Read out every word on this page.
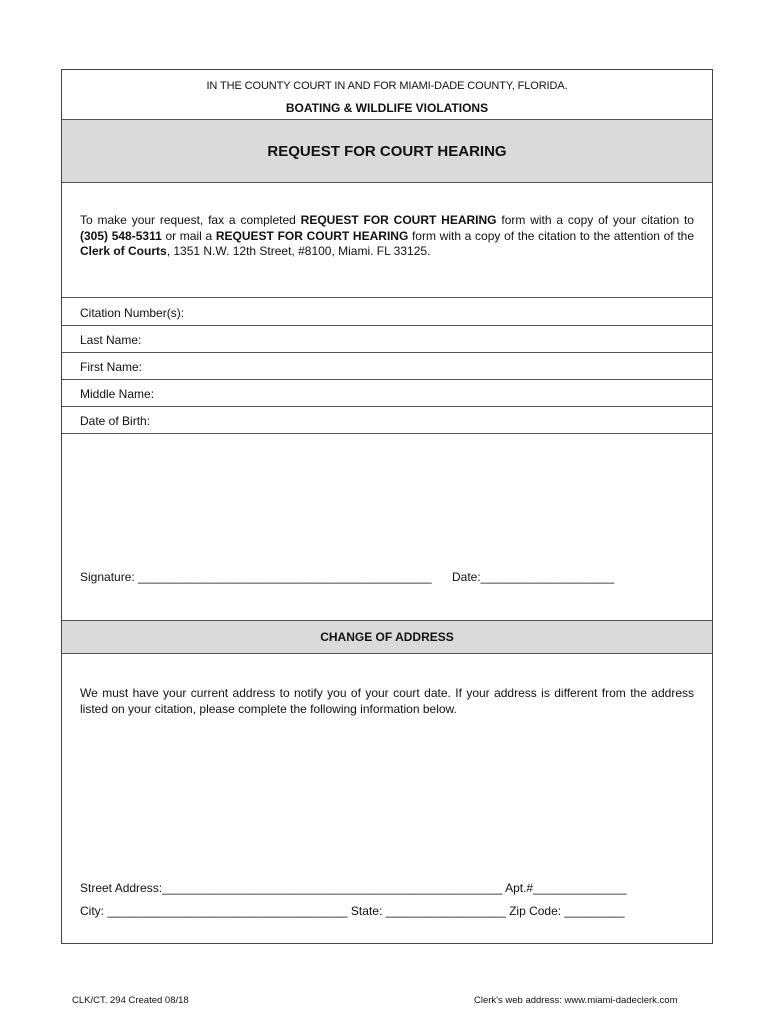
IN THE COUNTY COURT IN AND FOR MIAMI-DADE COUNTY, FLORIDA.
BOATING & WILDLIFE VIOLATIONS
REQUEST FOR COURT HEARING
To make your request, fax a completed REQUEST FOR COURT HEARING form with a copy of your citation to (305) 548-5311 or mail a REQUEST FOR COURT HEARING form with a copy of the citation to the attention of the Clerk of Courts, 1351 N.W. 12th Street, #8100, Miami. FL 33125.
Citation Number(s):
Last Name:
First Name:
Middle Name:
Date of Birth:
Signature: ____________________________________________	Date:____________________
CHANGE OF ADDRESS
We must have your current address to notify you of your court date. If your address is different from the address listed on your citation, please complete the following information below.
Street Address:___________________________________________________ Apt.#______________
City: ____________________________________ State: __________________ Zip Code: _________
CLK/CT. 294 Created 08/18	Clerk's web address: www.miami-dadeclerk.com
